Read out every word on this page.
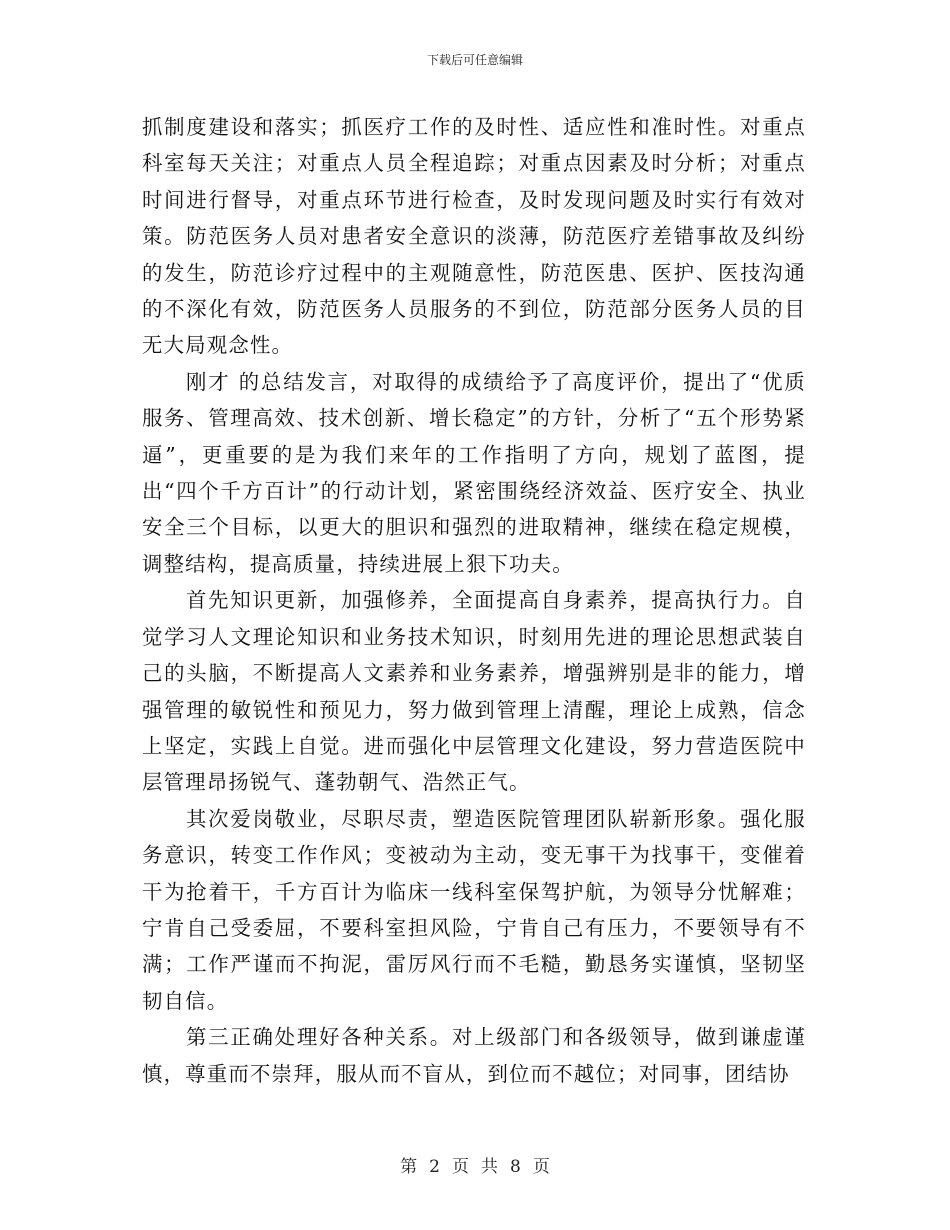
下载后可任意编辑

抓制度建设和落实；抓医疗工作的及时性、适应性和准时性。对重点科室每天关注；对重点人员全程追踪；对重点因素及时分析；对重点时间进行督导，对重点环节进行检查，及时发现问题及时实行有效对策。防范医务人员对患者安全意识的淡薄，防范医疗差错事故及纠纷的发生，防范诊疗过程中的主观随意性，防范医患、医护、医技沟通的不深化有效，防范医务人员服务的不到位，防范部分医务人员的目无大局观念性。

刚才 的总结发言，对取得的成绩给予了高度评价，提出了“优质服务、管理高效、技术创新、增长稳定”的方针，分析了“五个形势紧逼”，更重要的是为我们来年的工作指明了方向，规划了蓝图，提出“四个千方百计”的行动计划，紧密围绕经济效益、医疗安全、执业安全三个目标，以更大的胆识和强烈的进取精神，继续在稳定规模，调整结构，提高质量，持续进展上狠下功夫。

首先知识更新，加强修养，全面提高自身素养，提高执行力。自觉学习人文理论知识和业务技术知识，时刻用先进的理论思想武装自己的头脑，不断提高人文素养和业务素养，增强辨别是非的能力，增强管理的敏锐性和预见力，努力做到管理上清醒，理论上成熟，信念上坚定，实践上自觉。进而强化中层管理文化建设，努力营造医院中层管理昂扬锐气、蓬勃朝气、浩然正气。

其次爱岗敬业，尽职尽责，塑造医院管理团队崭新形象。强化服务意识，转变工作作风；变被动为主动，变无事干为找事干，变催着干为抢着干，千方百计为临床一线科室保驾护航，为领导分忧解难；宁肯自己受委屈，不要科室担风险，宁肯自己有压力，不要领导有不满；工作严谨而不拘泥，雷厉风行而不毛糙，勤恳务实谨慎，坚韧坚韧自信。

第三正确处理好各种关系。对上级部门和各级领导，做到谦虚谨慎，尊重而不崇拜，服从而不盲从，到位而不越位；对同事，团结协

第 2 页 共 8 页
